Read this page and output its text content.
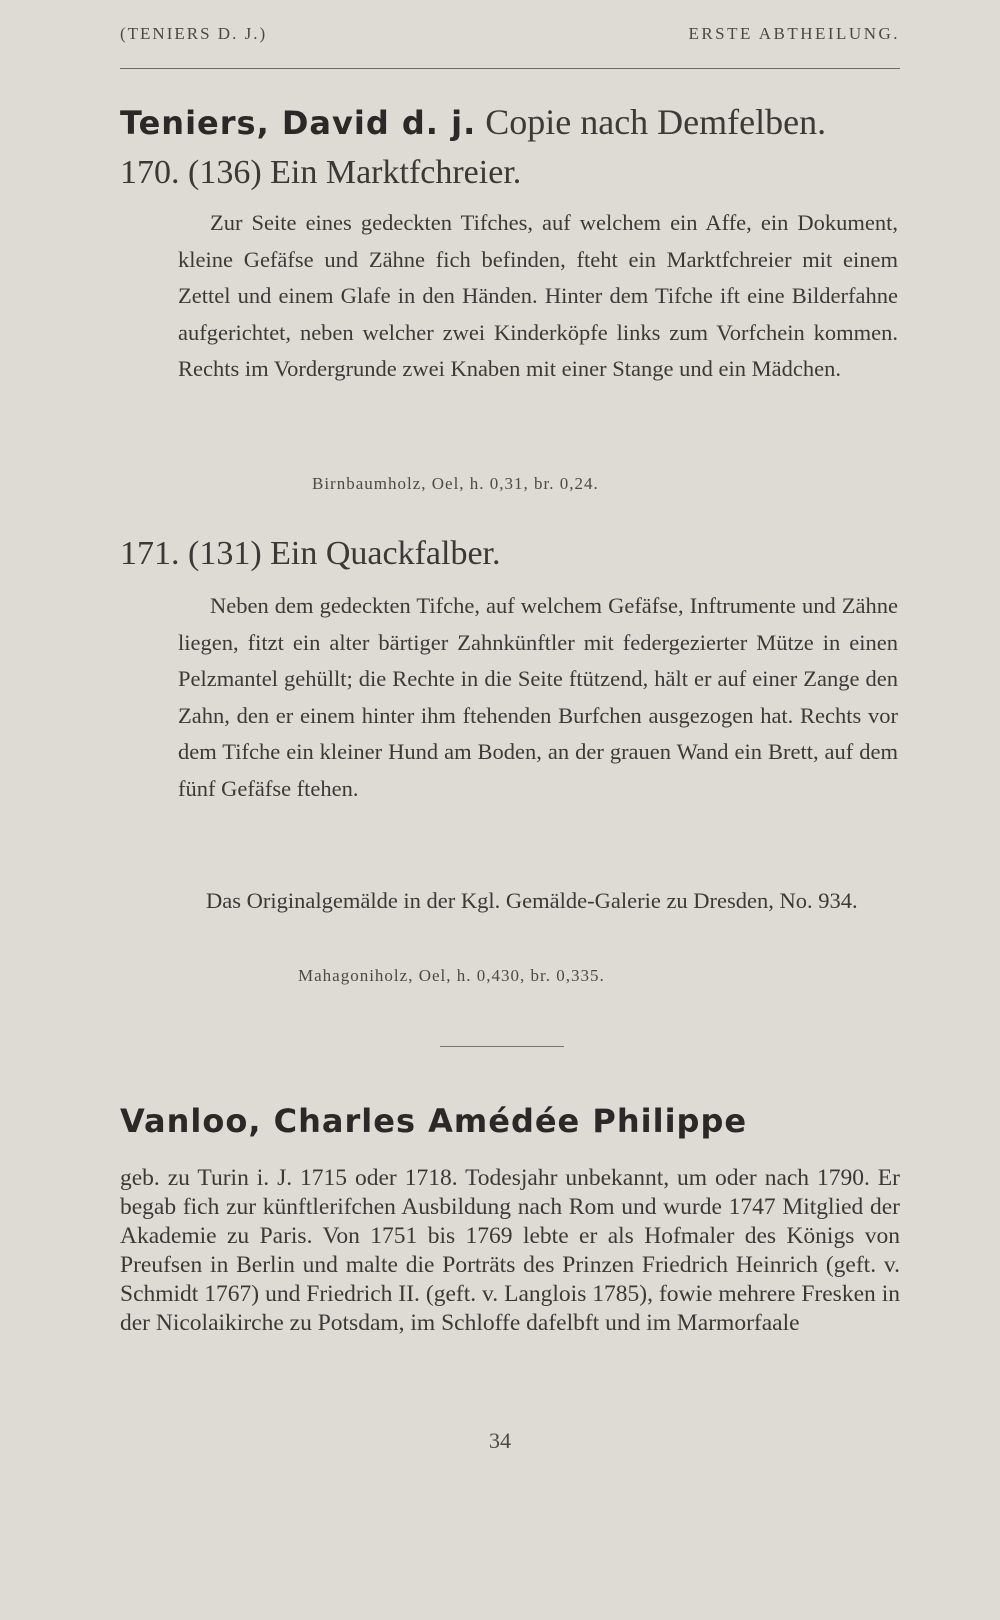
(TENIERS D. J.)	ERSTE ABTHEILUNG.
Teniers, David d. j. Copie nach Demfelben.
170. (136) Ein Marktfchreier.

Zur Seite eines gedeckten Tifches, auf welchem ein Affe, ein Dokument, kleine Gefäfse und Zähne fich befinden, fteht ein Marktfchreier mit einem Zettel und einem Glafe in den Händen. Hinter dem Tifche ift eine Bilderfahne aufgerichtet, neben welcher zwei Kinderköpfe links zum Vorfchein kommen. Rechts im Vordergrunde zwei Knaben mit einer Stange und ein Mädchen.

Birnbaumholz, Oel, h. 0,31, br. 0,24.
171. (131) Ein Quackfalber.

Neben dem gedeckten Tifche, auf welchem Gefäfse, Inftrumente und Zähne liegen, fitzt ein alter bärtiger Zahnkünftler mit federgezierter Mütze in einen Pelzmantel gehüllt; die Rechte in die Seite ftützend, hält er auf einer Zange den Zahn, den er einem hinter ihm ftehenden Burfchen ausgezogen hat. Rechts vor dem Tifche ein kleiner Hund am Boden, an der grauen Wand ein Brett, auf dem fünf Gefäfse ftehen.

Das Originalgemälde in der Kgl. Gemälde-Galerie zu Dresden, No. 934.

Mahagoniholz, Oel, h. 0,430, br. 0,335.
Vanloo, Charles Amédée Philippe

geb. zu Turin i. J. 1715 oder 1718. Todesjahr unbekannt, um oder nach 1790. Er begab fich zur künftlerifchen Ausbildung nach Rom und wurde 1747 Mitglied der Akademie zu Paris. Von 1751 bis 1769 lebte er als Hofmaler des Königs von Preufsen in Berlin und malte die Porträts des Prinzen Friedrich Heinrich (geft. v. Schmidt 1767) und Friedrich II. (geft. v. Langlois 1785), fowie mehrere Fresken in der Nicolaikirche zu Potsdam, im Schloffe dafelbft und im Marmorfaale

34
